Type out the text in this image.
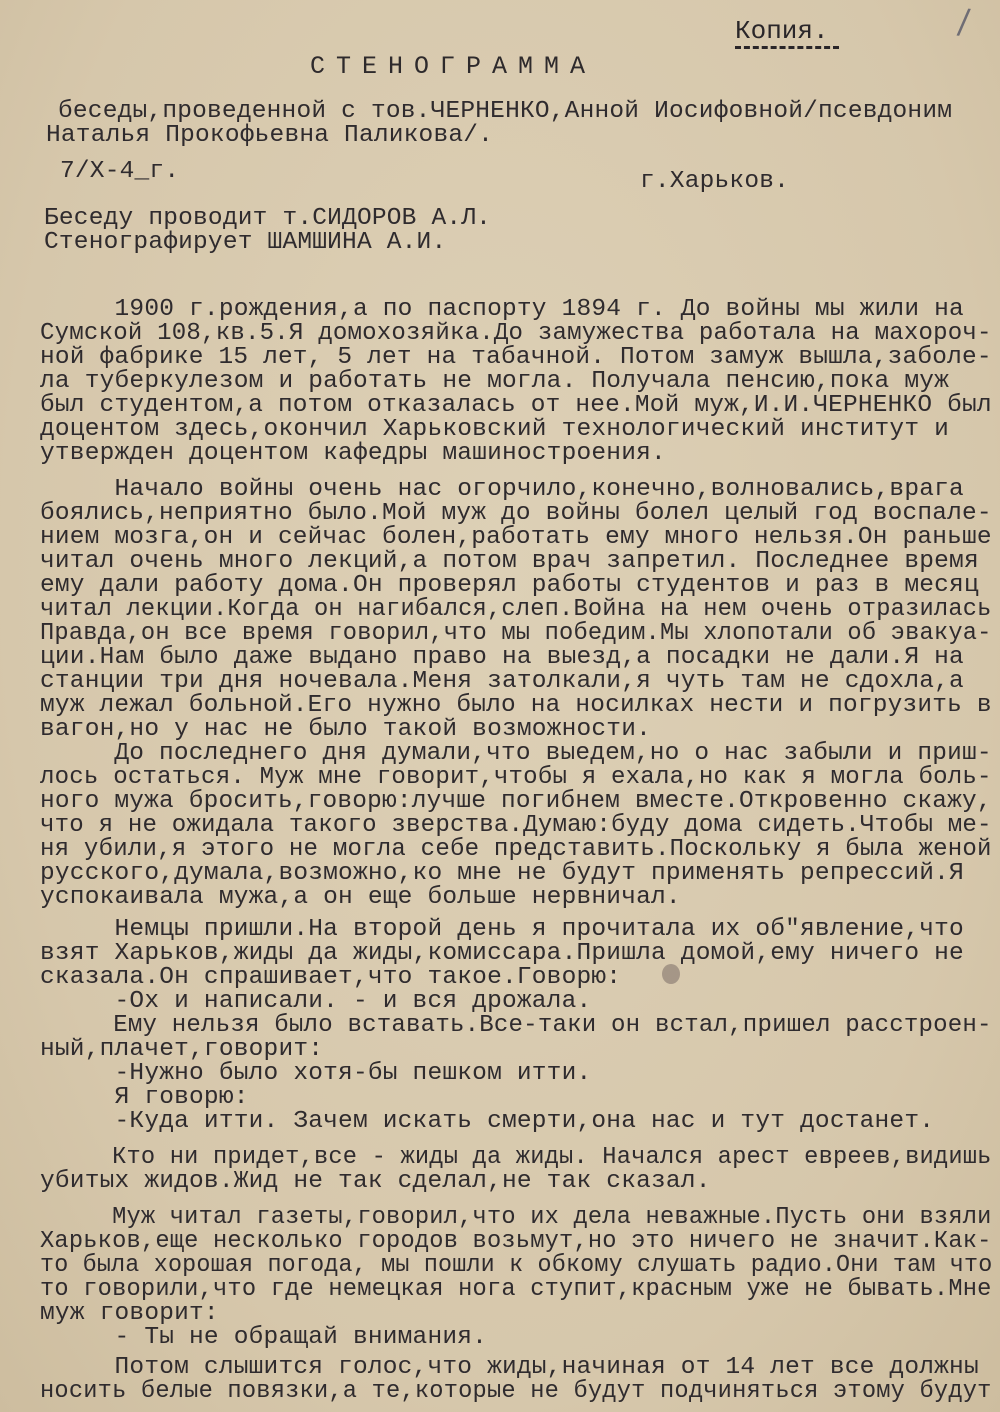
/
Копия.
СТЕНОГРАММА
беседы,проведенной с тов.ЧЕРНЕНКО,Анной Иосифовной/псевдоним
Наталья Прокофьевна Паликова/.
7/Х-4_г.	г.Харьков.
Беседу проводит т.СИДОРОВ А.Л.
Стенографирует ШАМШИНА А.И.
1900 г.рождения,а по паспорту 1894 г. До войны мы жили на
Сумской 108,кв.5.Я домохозяйка.До замужества работала на махороч-
ной фабрике 15 лет, 5 лет на табачной. Потом замуж вышла,заболе-
ла туберкулезом и работать не могла. Получала пенсию,пока муж
был студентом,а потом отказалась от нее.Мой муж,И.И.ЧЕРНЕНКО был
доцентом здесь,окончил Харьковский технологический институт и
утвержден доцентом кафедры машиностроения.
Начало войны очень нас огорчило,конечно,волновались,врага
боялись,неприятно было.Мой муж до войны болел целый год воспале-
нием мозга,он и сейчас болен,работать ему много нельзя.Он раньше
читал очень много лекций,а потом врач запретил. Последнее время
ему дали работу дома.Он проверял работы студентов и раз в месяц
читал лекции.Когда он нагибался,слеп.Война на нем очень отразилась
Правда,он все время говорил,что мы победим.Мы хлопотали об эвакуа-
ции.Нам было даже выдано право на выезд,а посадки не дали.Я на
станции три дня ночевала.Меня затолкали,я чуть там не сдохла,а
муж лежал больной.Его нужно было на носилках нести и погрузить в
вагон,но у нас не было такой возможности.
До последнего дня думали,что выедем,но о нас забыли и приш-
лось остаться. Муж мне говорит,чтобы я ехала,но как я могла боль-
ного мужа бросить,говорю:лучше погибнем вместе.Откровенно скажу,
что я не ожидала такого зверства.Думаю:буду дома сидеть.Чтобы ме-
ня убили,я этого не могла себе представить.Поскольку я была женой
русского,думала,возможно,ко мне не будут применять репрессий.Я
успокаивала мужа,а он еще больше нервничал.
Немцы пришли.На второй день я прочитала их об"явление,что
взят Харьков,жиды да жиды,комиссара.Пришла домой,ему ничего не
сказала.Он спрашивает,что такое.Говорю:
-Ох и написали. - и вся дрожала.
Ему нельзя было вставать.Все-таки он встал,пришел расстроен-
ный,плачет,говорит:
-Нужно было хотя-бы пешком итти.
Я говорю:
-Куда итти. Зачем искать смерти,она нас и тут достанет.
Кто ни придет,все - жиды да жиды. Начался арест евреев,видишь
убитых жидов.Жид не так сделал,не так сказал.
Муж читал газеты,говорил,что их дела неважные.Пусть они взяли
Харьков,еще несколько городов возьмут,но это ничего не значит.Как-
то была хорошая погода, мы пошли к обкому слушать радио.Они там что
то говорили,что где немецкая нога ступит,красным уже не бывать.Мне
муж говорит:
- Ты не обращай внимания.
Потом слышится голос,что жиды,начиная от 14 лет все должны
носить белые повязки,а те,которые не будут подчиняться этому будут
